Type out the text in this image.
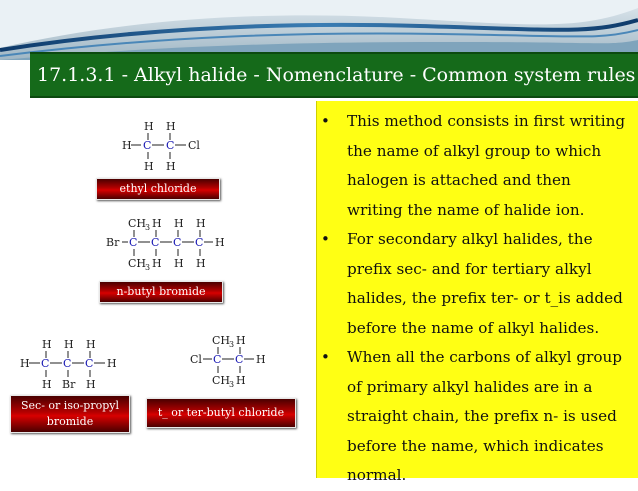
17.1.3.1 - Alkyl halide - Nomenclature - Common system rules
H H
H C C Cl
H H
ethyl chloride
CH
3 H H H
Br C C C C H
CH
3 H H H
n-butyl bromide
H H H
H C C C H
H Br H
Sec- or iso-propyl
bromide
CH
3 H
Cl C C H
CH
3 H
t_ or ter-butyl chloride
• This method consists in first writing the name of alkyl group to which halogen is attached and then writing the name of halide ion.
• For secondary alkyl halides, the prefix sec- and for tertiary alkyl halides, the prefix ter- or t_is added before the name of alkyl halides.
• When all the carbons of alkyl group of primary alkyl halides are in a straight chain, the prefix n- is used before the name, which indicates normal.
